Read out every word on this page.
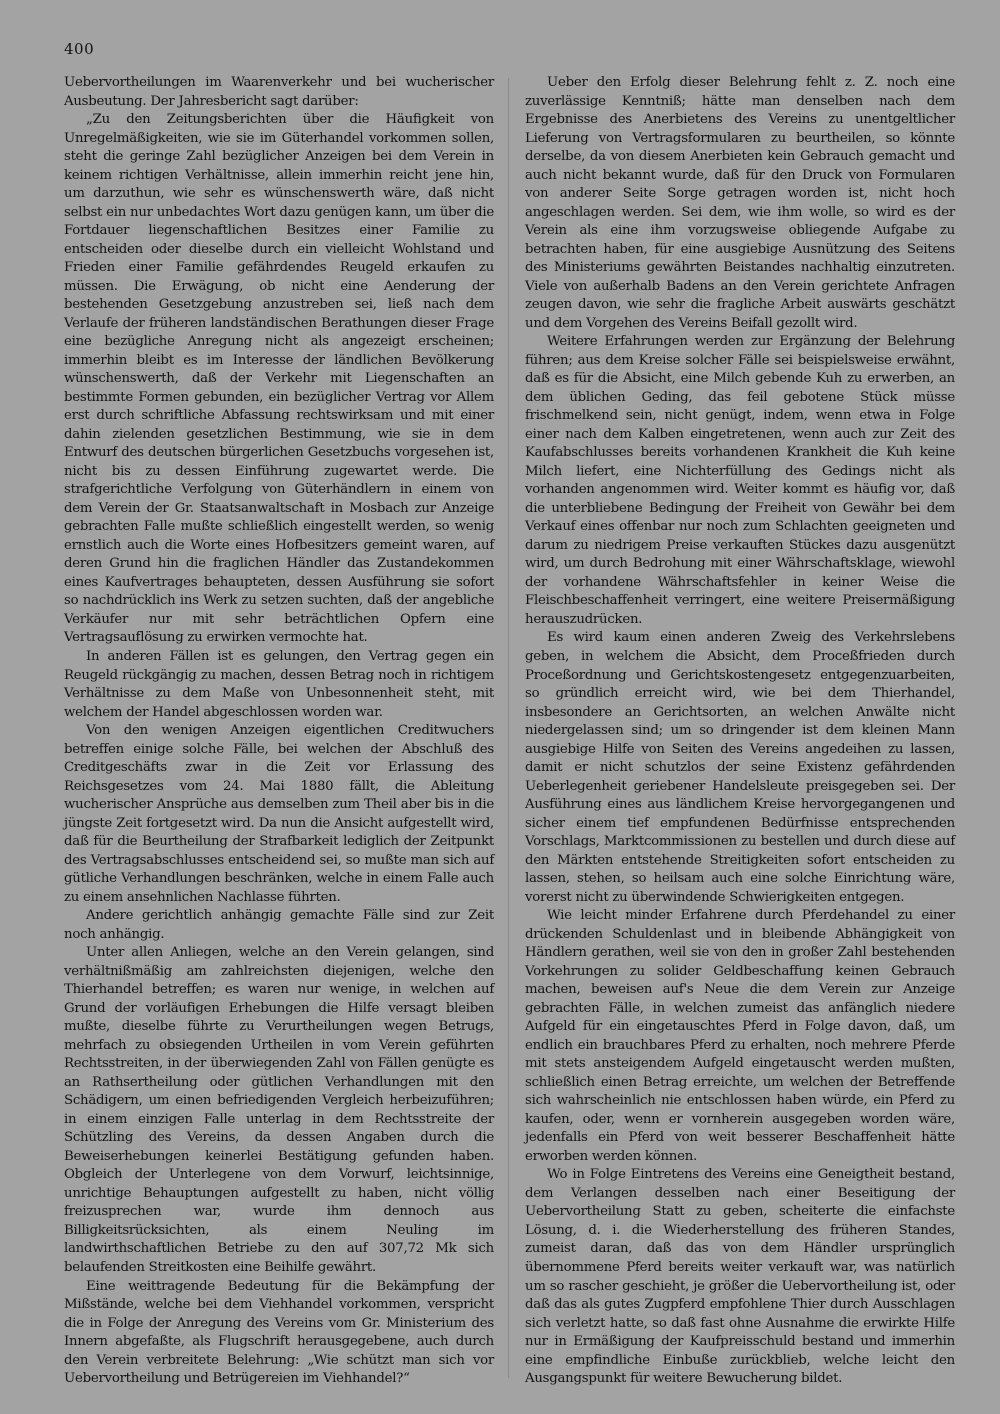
400

Uebervortheilungen im Waarenverkehr und bei wucherischer Ausbeutung. Der Jahresbericht sagt darüber:

„Zu den Zeitungsberichten über die Häufigkeit von Unregelmäßigkeiten, wie sie im Güterhandel vorkommen sollen, steht die geringe Zahl bezüglicher Anzeigen bei dem Verein in keinem richtigen Verhältnisse, allein immerhin reicht jene hin, um darzuthun, wie sehr es wünschenswerth wäre, daß nicht selbst ein nur unbedachtes Wort dazu genügen kann, um über die Fortdauer liegenschaftlichen Besitzes einer Familie zu entscheiden oder dieselbe durch ein vielleicht Wohlstand und Frieden einer Familie gefährdendes Reugeld erkaufen zu müssen. Die Erwägung, ob nicht eine Aenderung der bestehenden Gesetzgebung anzustreben sei, ließ nach dem Verlaufe der früheren landständischen Berathungen dieser Frage eine bezügliche Anregung nicht als angezeigt erscheinen; immerhin bleibt es im Interesse der ländlichen Bevölkerung wünschenswerth, daß der Verkehr mit Liegenschaften an bestimmte Formen gebunden, ein bezüglicher Vertrag vor Allem erst durch schriftliche Abfassung rechtswirksam und mit einer dahin zielenden gesetzlichen Bestimmung, wie sie in dem Entwurf des deutschen bürgerlichen Gesetzbuchs vorgesehen ist, nicht bis zu dessen Einführung zugewartet werde. Die strafgerichtliche Verfolgung von Güterhändlern in einem von dem Verein der Gr. Staatsanwaltschaft in Mosbach zur Anzeige gebrachten Falle mußte schließlich eingestellt werden, so wenig ernstlich auch die Worte eines Hofbesitzers gemeint waren, auf deren Grund hin die fraglichen Händler das Zustandekommen eines Kaufvertrages behaupteten, dessen Ausführung sie sofort so nachdrücklich ins Werk zu setzen suchten, daß der angebliche Verkäufer nur mit sehr beträchtlichen Opfern eine Vertragsauflösung zu erwirken vermochte hat.

In anderen Fällen ist es gelungen, den Vertrag gegen ein Reugeld rückgängig zu machen, dessen Betrag noch in richtigem Verhältnisse zu dem Maße von Unbesonnenheit steht, mit welchem der Handel abgeschlossen worden war.

Von den wenigen Anzeigen eigentlichen Creditwuchers betreffen einige solche Fälle, bei welchen der Abschluß des Creditgeschäfts zwar in die Zeit vor Erlassung des Reichsgesetzes vom 24. Mai 1880 fällt, die Ableitung wucherischer Ansprüche aus demselben zum Theil aber bis in die jüngste Zeit fortgesetzt wird. Da nun die Ansicht aufgestellt wird, daß für die Beurtheilung der Strafbarkeit lediglich der Zeitpunkt des Vertragsabschlusses entscheidend sei, so mußte man sich auf gütliche Verhandlungen beschränken, welche in einem Falle auch zu einem ansehnlichen Nachlasse führten.

Andere gerichtlich anhängig gemachte Fälle sind zur Zeit noch anhängig.

Unter allen Anliegen, welche an den Verein gelangen, sind verhältnißmäßig am zahlreichsten diejenigen, welche den Thierhandel betreffen; es waren nur wenige, in welchen auf Grund der vorläufigen Erhebungen die Hilfe versagt bleiben mußte, dieselbe führte zu Verurtheilungen wegen Betrugs, mehrfach zu obsiegenden Urtheilen in vom Verein geführten Rechtsstreiten, in der überwiegenden Zahl von Fällen genügte es an Rathsertheilung oder gütlichen Verhandlungen mit den Schädigern, um einen befriedigenden Vergleich herbeizuführen; in einem einzigen Falle unterlag in dem Rechtsstreite der Schützling des Vereins, da dessen Angaben durch die Beweiserhebungen keinerlei Bestätigung gefunden haben. Obgleich der Unterlegene von dem Vorwurf, leichtsinnige, unrichtige Behauptungen aufgestellt zu haben, nicht völlig freizusprechen war, wurde ihm dennoch aus Billigkeitsrücksichten, als einem Neuling im landwirthschaftlichen Betriebe zu den auf 307,72 Mk sich belaufenden Streitkosten eine Beihilfe gewährt.

Eine weittragende Bedeutung für die Bekämpfung der Mißstände, welche bei dem Viehhandel vorkommen, verspricht die in Folge der Anregung des Vereins vom Gr. Ministerium des Innern abgefaßte, als Flugschrift herausgegebene, auch durch den Verein verbreitete Belehrung: „Wie schützt man sich vor Uebervortheilung und Betrügereien im Viehhandel?“

Ueber den Erfolg dieser Belehrung fehlt z. Z. noch eine zuverlässige Kenntniß; hätte man denselben nach dem Ergebnisse des Anerbietens des Vereins zu unentgeltlicher Lieferung von Vertragsformularen zu beurtheilen, so könnte derselbe, da von diesem Anerbieten kein Gebrauch gemacht und auch nicht bekannt wurde, daß für den Druck von Formularen von anderer Seite Sorge getragen worden ist, nicht hoch angeschlagen werden. Sei dem, wie ihm wolle, so wird es der Verein als eine ihm vorzugsweise obliegende Aufgabe zu betrachten haben, für eine ausgiebige Ausnützung des Seitens des Ministeriums gewährten Beistandes nachhaltig einzutreten. Viele von außerhalb Badens an den Verein gerichtete Anfragen zeugen davon, wie sehr die fragliche Arbeit auswärts geschätzt und dem Vorgehen des Vereins Beifall gezollt wird.

Weitere Erfahrungen werden zur Ergänzung der Belehrung führen; aus dem Kreise solcher Fälle sei beispielsweise erwähnt, daß es für die Absicht, eine Milch gebende Kuh zu erwerben, an dem üblichen Geding, das feil gebotene Stück müsse frischmelkend sein, nicht genügt, indem, wenn etwa in Folge einer nach dem Kalben eingetretenen, wenn auch zur Zeit des Kaufabschlusses bereits vorhandenen Krankheit die Kuh keine Milch liefert, eine Nichterfüllung des Gedings nicht als vorhanden angenommen wird. Weiter kommt es häufig vor, daß die unterbliebene Bedingung der Freiheit von Gewähr bei dem Verkauf eines offenbar nur noch zum Schlachten geeigneten und darum zu niedrigem Preise verkauften Stückes dazu ausgenützt wird, um durch Bedrohung mit einer Währschaftsklage, wiewohl der vorhandene Währschaftsfehler in keiner Weise die Fleischbeschaffenheit verringert, eine weitere Preisermäßigung herauszudrücken.

Es wird kaum einen anderen Zweig des Verkehrslebens geben, in welchem die Absicht, dem Proceßfrieden durch Proceßordnung und Gerichtskostengesetz entgegenzuarbeiten, so gründlich erreicht wird, wie bei dem Thierhandel, insbesondere an Gerichtsorten, an welchen Anwälte nicht niedergelassen sind; um so dringender ist dem kleinen Mann ausgiebige Hilfe von Seiten des Vereins angedeihen zu lassen, damit er nicht schutzlos der seine Existenz gefährdenden Ueberlegenheit geriebener Handelsleute preisgegeben sei. Der Ausführung eines aus ländlichem Kreise hervorgegangenen und sicher einem tief empfundenen Bedürfnisse entsprechenden Vorschlags, Marktcommissionen zu bestellen und durch diese auf den Märkten entstehende Streitigkeiten sofort entscheiden zu lassen, stehen, so heilsam auch eine solche Einrichtung wäre, vorerst nicht zu überwindende Schwierigkeiten entgegen.

Wie leicht minder Erfahrene durch Pferdehandel zu einer drückenden Schuldenlast und in bleibende Abhängigkeit von Händlern gerathen, weil sie von den in großer Zahl bestehenden Vorkehrungen zu solider Geldbeschaffung keinen Gebrauch machen, beweisen auf's Neue die dem Verein zur Anzeige gebrachten Fälle, in welchen zumeist das anfänglich niedere Aufgeld für ein eingetauschtes Pferd in Folge davon, daß, um endlich ein brauchbares Pferd zu erhalten, noch mehrere Pferde mit stets ansteigendem Aufgeld eingetauscht werden mußten, schließlich einen Betrag erreichte, um welchen der Betreffende sich wahrscheinlich nie entschlossen haben würde, ein Pferd zu kaufen, oder, wenn er vornherein ausgegeben worden wäre, jedenfalls ein Pferd von weit besserer Beschaffenheit hätte erworben werden können.

Wo in Folge Eintretens des Vereins eine Geneigtheit bestand, dem Verlangen desselben nach einer Beseitigung der Uebervortheilung Statt zu geben, scheiterte die einfachste Lösung, d. i. die Wiederherstellung des früheren Standes, zumeist daran, daß das von dem Händler ursprünglich übernommene Pferd bereits weiter verkauft war, was natürlich um so rascher geschieht, je größer die Uebervortheilung ist, oder daß das als gutes Zugpferd empfohlene Thier durch Ausschlagen sich verletzt hatte, so daß fast ohne Ausnahme die erwirkte Hilfe nur in Ermäßigung der Kaufpreisschuld bestand und immerhin eine empfindliche Einbuße zurückblieb, welche leicht den Ausgangspunkt für weitere Bewucherung bildet.
